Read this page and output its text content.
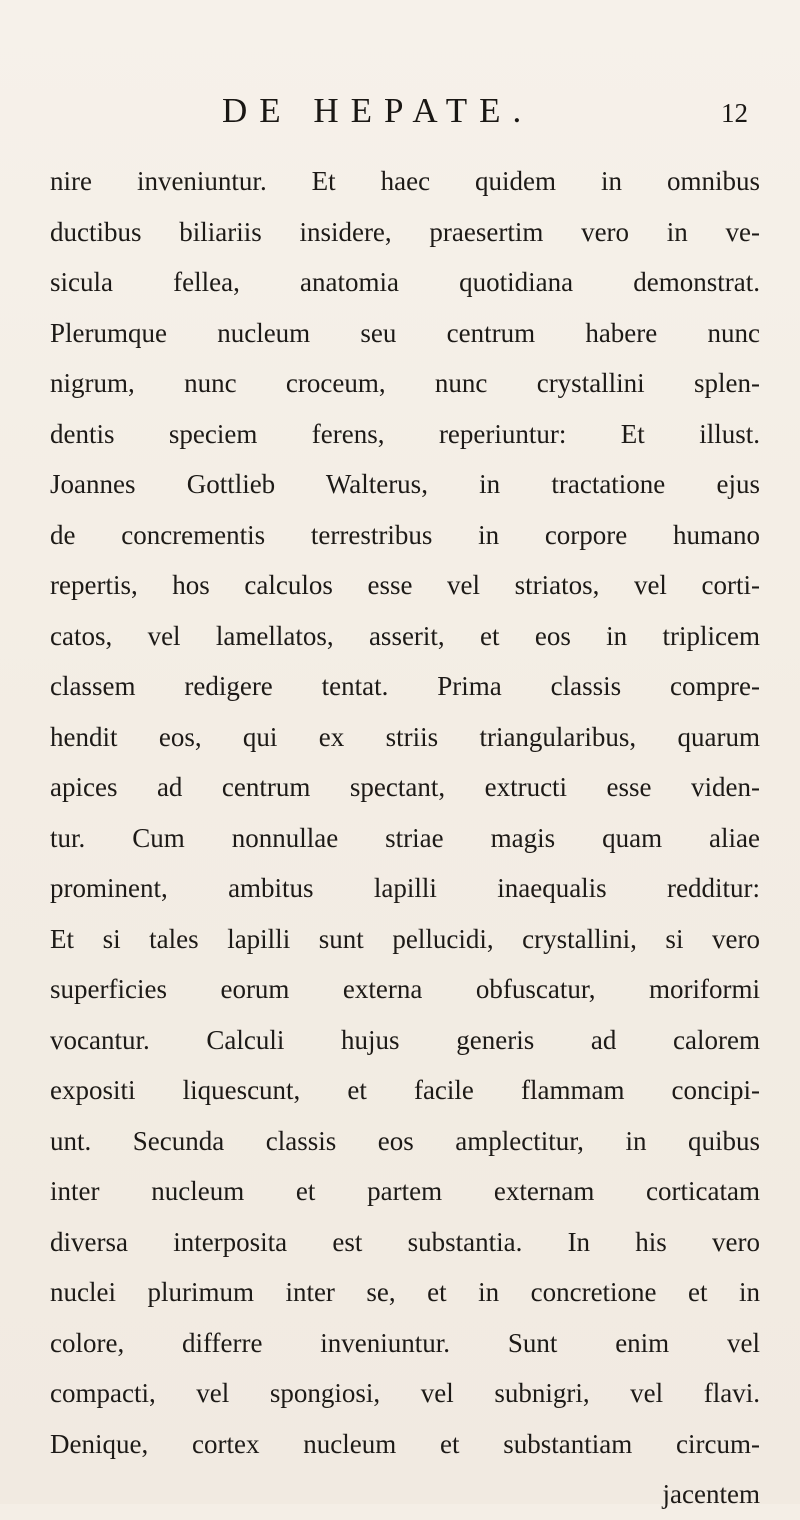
DE HEPATE.	12
nire inveniuntur. Et haec quidem in omnibus
ductibus biliariis insidere, praesertim vero in ve-
sicula fellea, anatomia quotidiana demonstrat.
Plerumque nucleum seu centrum habere nunc
nigrum, nunc croceum, nunc crystallini splen-
dentis speciem ferens, reperiuntur: Et illust.
Joannes Gottlieb Walterus, in tractatione ejus
de concrementis terrestribus in corpore humano
repertis, hos calculos esse vel striatos, vel corti-
catos, vel lamellatos, asserit, et eos in triplicem
classem redigere tentat. Prima classis compre-
hendit eos, qui ex striis triangularibus, quarum
apices ad centrum spectant, extructi esse viden-
tur. Cum nonnullae striae magis quam aliae
prominent, ambitus lapilli inaequalis redditur:
Et si tales lapilli sunt pellucidi, crystallini, si vero
superficies eorum externa obfuscatur, moriformi
vocantur. Calculi hujus generis ad calorem
expositi liquescunt, et facile flammam concipi-
unt. Secunda classis eos amplectitur, in quibus
inter nucleum et partem externam corticatam
diversa interposita est substantia. In his vero
nuclei plurimum inter se, et in concretione et in
colore, differre inveniuntur. Sunt enim vel
compacti, vel spongiosi, vel subnigri, vel flavi.
Denique, cortex nucleum et substantiam circum-
jacentem
